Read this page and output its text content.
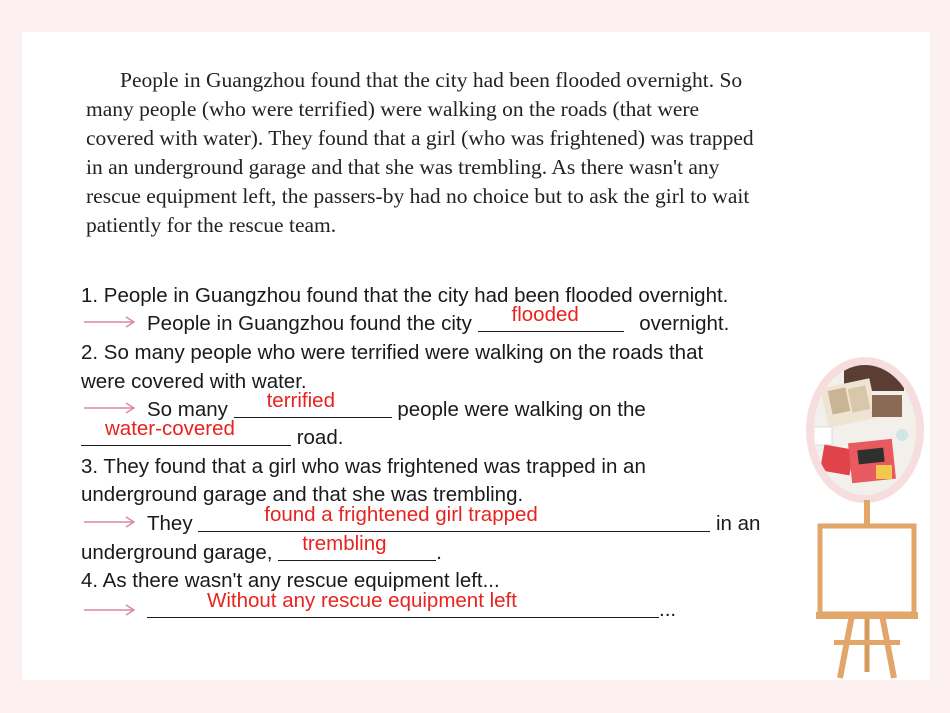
People in Guangzhou found that the city had been flooded overnight. So many people (who were terrified) were walking on the roads (that were covered with water). They found that a girl (who was frightened) was trapped in an underground garage and that she was trembling. As there wasn't any rescue equipment left, the passers-by had no choice but to ask the girl to wait patiently for the rescue team.

1. People in Guangzhou found that the city had been flooded overnight.
People in Guangzhou found the city flooded	overnight.
2. So many people who were terrified were walking on the roads that
were covered with water.
So many terrified	people were walking on the
water-covered	road.
3. They found that a girl who was frightened was trapped in an
underground garage and that she was trembling.
They	found a frightened girl trapped	in an
underground garage, trembling .
4. As there wasn't any rescue equipment left...
Without any rescue equipment left	...
